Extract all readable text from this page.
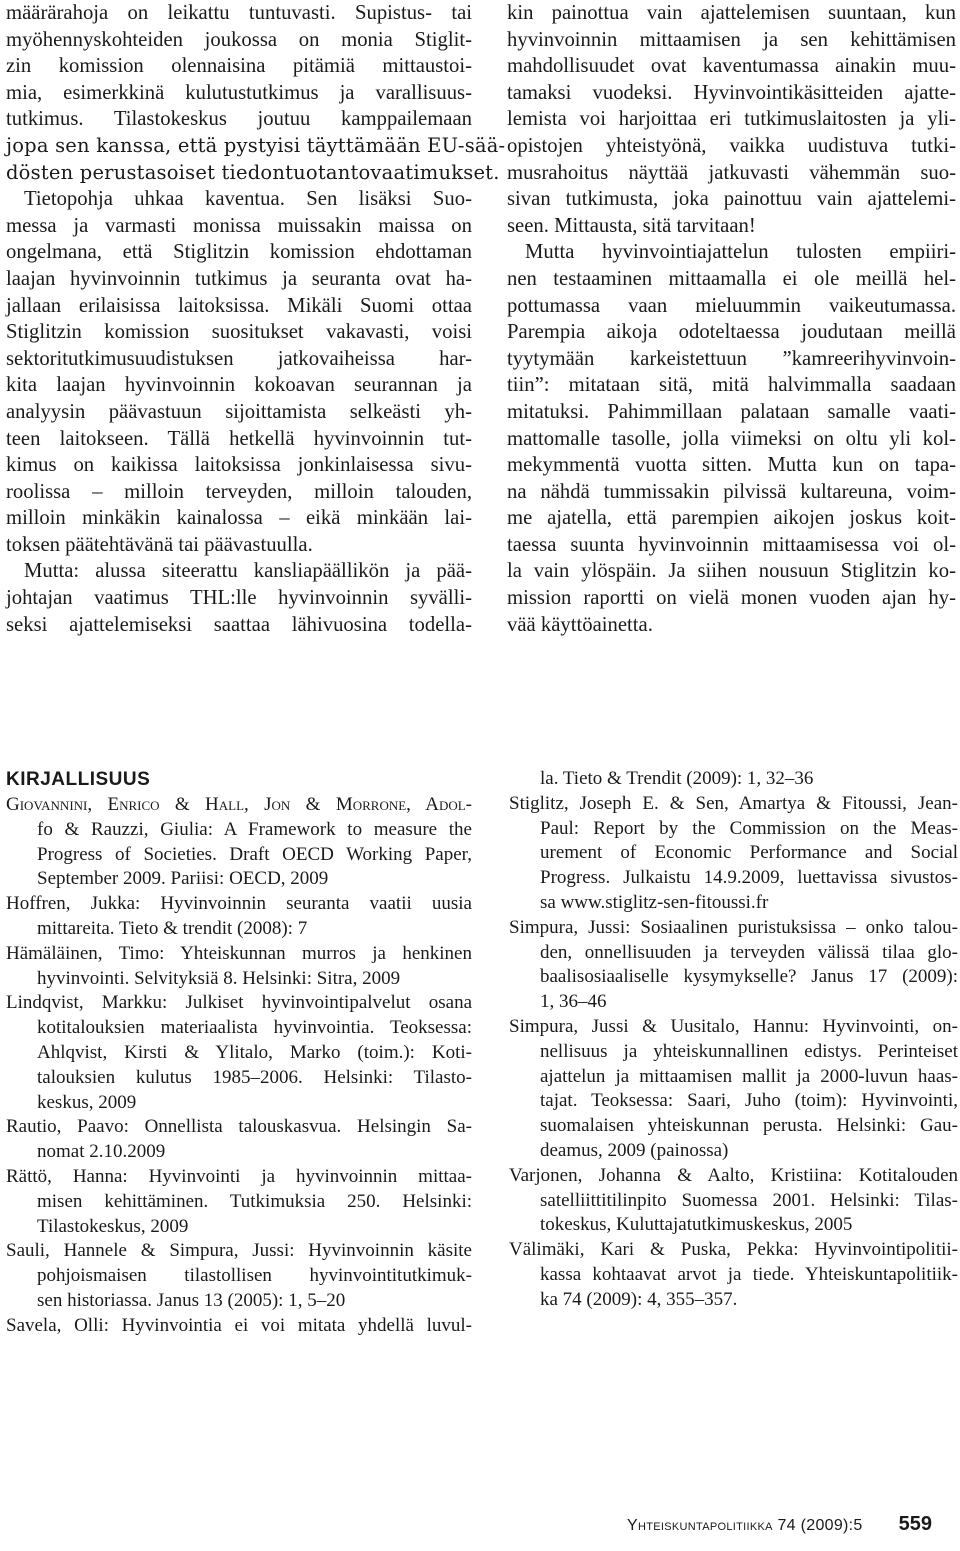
määrärahoja on leikattu tuntuvasti. Supistus- tai
myöhennyskohteiden joukossa on monia Stiglit-
zin komission olennaisina pitämiä mittaustoi-
mia, esimerkkinä kulutustutkimus ja varallisuus-
tutkimus. Tilastokeskus joutuu kamppailemaan
jopa sen kanssa, että pystyisi täyttämään EU-sää-
dösten perustasoiset tiedontuotantovaatimukset.
Tietopohja uhkaa kaventua. Sen lisäksi Suo-
messa ja varmasti monissa muissakin maissa on
ongelmana, että Stiglitzin komission ehdottaman
laajan hyvinvoinnin tutkimus ja seuranta ovat ha-
jallaan erilaisissa laitoksissa. Mikäli Suomi ottaa
Stiglitzin komission suositukset vakavasti, voisi
sektoritutkimusuudistuksen jatkovaiheissa har-
kita laajan hyvinvoinnin kokoavan seurannan ja
analyysin päävastuun sijoittamista selkeästi yh-
teen laitokseen. Tällä hetkellä hyvinvoinnin tut-
kimus on kaikissa laitoksissa jonkinlaisessa sivu-
roolissa – milloin terveyden, milloin talouden,
milloin minkäkin kainalossa – eikä minkään lai-
toksen päätehtävänä tai päävastuulla.
Mutta: alussa siteerattu kansliapäällikön ja pää-
johtajan vaatimus THL:lle hyvinvoinnin syvälli-
seksi ajattelemiseksi saattaa lähivuosina todella-
kin painottua vain ajattelemisen suuntaan, kun
hyvinvoinnin mittaamisen ja sen kehittämisen
mahdollisuudet ovat kaventumassa ainakin muu-
tamaksi vuodeksi. Hyvinvointikäsitteiden ajatte-
lemista voi harjoittaa eri tutkimuslaitosten ja yli-
opistojen yhteistyönä, vaikka uudistuva tutki-
musrahoitus näyttää jatkuvasti vähemmän suo-
sivan tutkimusta, joka painottuu vain ajattelemi-
seen. Mittausta, sitä tarvitaan!
Mutta hyvinvointiajattelun tulosten empiiri-
nen testaaminen mittaamalla ei ole meillä hel-
pottumassa vaan mieluummin vaikeutumassa.
Parempia aikoja odoteltaessa joudutaan meillä
tyytymään karkeistettuun ”kamreerihyvinvoin-
tiin”: mitataan sitä, mitä halvimmalla saadaan
mitatuksi. Pahimmillaan palataan samalle vaati-
mattomalle tasolle, jolla viimeksi on oltu yli kol-
mekymmentä vuotta sitten. Mutta kun on tapa-
na nähdä tummissakin pilvissä kultareuna, voim-
me ajatella, että parempien aikojen joskus koit-
taessa suunta hyvinvoinnin mittaamisessa voi ol-
la vain ylöspäin. Ja siihen nousuun Stiglitzin ko-
mission raportti on vielä monen vuoden ajan hy-
vää käyttöainetta.
KIRJALLISUUS
Giovannini, Enrico & Hall, Jon & Morrone, Adol-
fo & Rauzzi, Giulia: A Framework to measure the
Progress of Societies. Draft OECD Working Paper,
September 2009. Pariisi: OECD, 2009
Hoffren, Jukka: Hyvinvoinnin seuranta vaatii uusia
mittareita. Tieto & trendit (2008): 7
Hämäläinen, Timo: Yhteiskunnan murros ja henkinen
hyvinvointi. Selvityksiä 8. Helsinki: Sitra, 2009
Lindqvist, Markku: Julkiset hyvinvointipalvelut osana
kotitalouksien materiaalista hyvinvointia. Teoksessa:
Ahlqvist, Kirsti & Ylitalo, Marko (toim.): Koti-
talouksien kulutus 1985–2006. Helsinki: Tilasto-
keskus, 2009
Rautio, Paavo: Onnellista talouskasvua. Helsingin Sa-
nomat 2.10.2009
Rättö, Hanna: Hyvinvointi ja hyvinvoinnin mittaa-
misen kehittäminen. Tutkimuksia 250. Helsinki:
Tilastokeskus, 2009
Sauli, Hannele & Simpura, Jussi: Hyvinvoinnin käsite
pohjoismaisen tilastollisen hyvinvointitutkimuk-
sen historiassa. Janus 13 (2005): 1, 5–20
Savela, Olli: Hyvinvointia ei voi mitata yhdellä luvul-
la. Tieto & Trendit (2009): 1, 32–36
Stiglitz, Joseph E. & Sen, Amartya & Fitoussi, Jean-
Paul: Report by the Commission on the Meas-
urement of Economic Performance and Social
Progress. Julkaistu 14.9.2009, luettavissa sivustos-
sa www.stiglitz-sen-fitoussi.fr
Simpura, Jussi: Sosiaalinen puristuksissa – onko talou-
den, onnellisuuden ja terveyden välissä tilaa glo-
baalisosiaaliselle kysymykselle? Janus 17 (2009):
1, 36–46
Simpura, Jussi & Uusitalo, Hannu: Hyvinvointi, on-
nellisuus ja yhteiskunnallinen edistys. Perinteiset
ajattelun ja mittaamisen mallit ja 2000-luvun haas-
tajat. Teoksessa: Saari, Juho (toim): Hyvinvointi,
suomalaisen yhteiskunnan perusta. Helsinki: Gau-
deamus, 2009 (painossa)
Varjonen, Johanna & Aalto, Kristiina: Kotitalouden
satelliittitilinpito Suomessa 2001. Helsinki: Tilas-
tokeskus, Kuluttajatutkimuskeskus, 2005
Välimäki, Kari & Puska, Pekka: Hyvinvointipolitii-
kassa kohtaavat arvot ja tiede. Yhteiskuntapolitiik-
ka 74 (2009): 4, 355–357.
Yhteiskuntapolitiikka 74 (2009):5 559
